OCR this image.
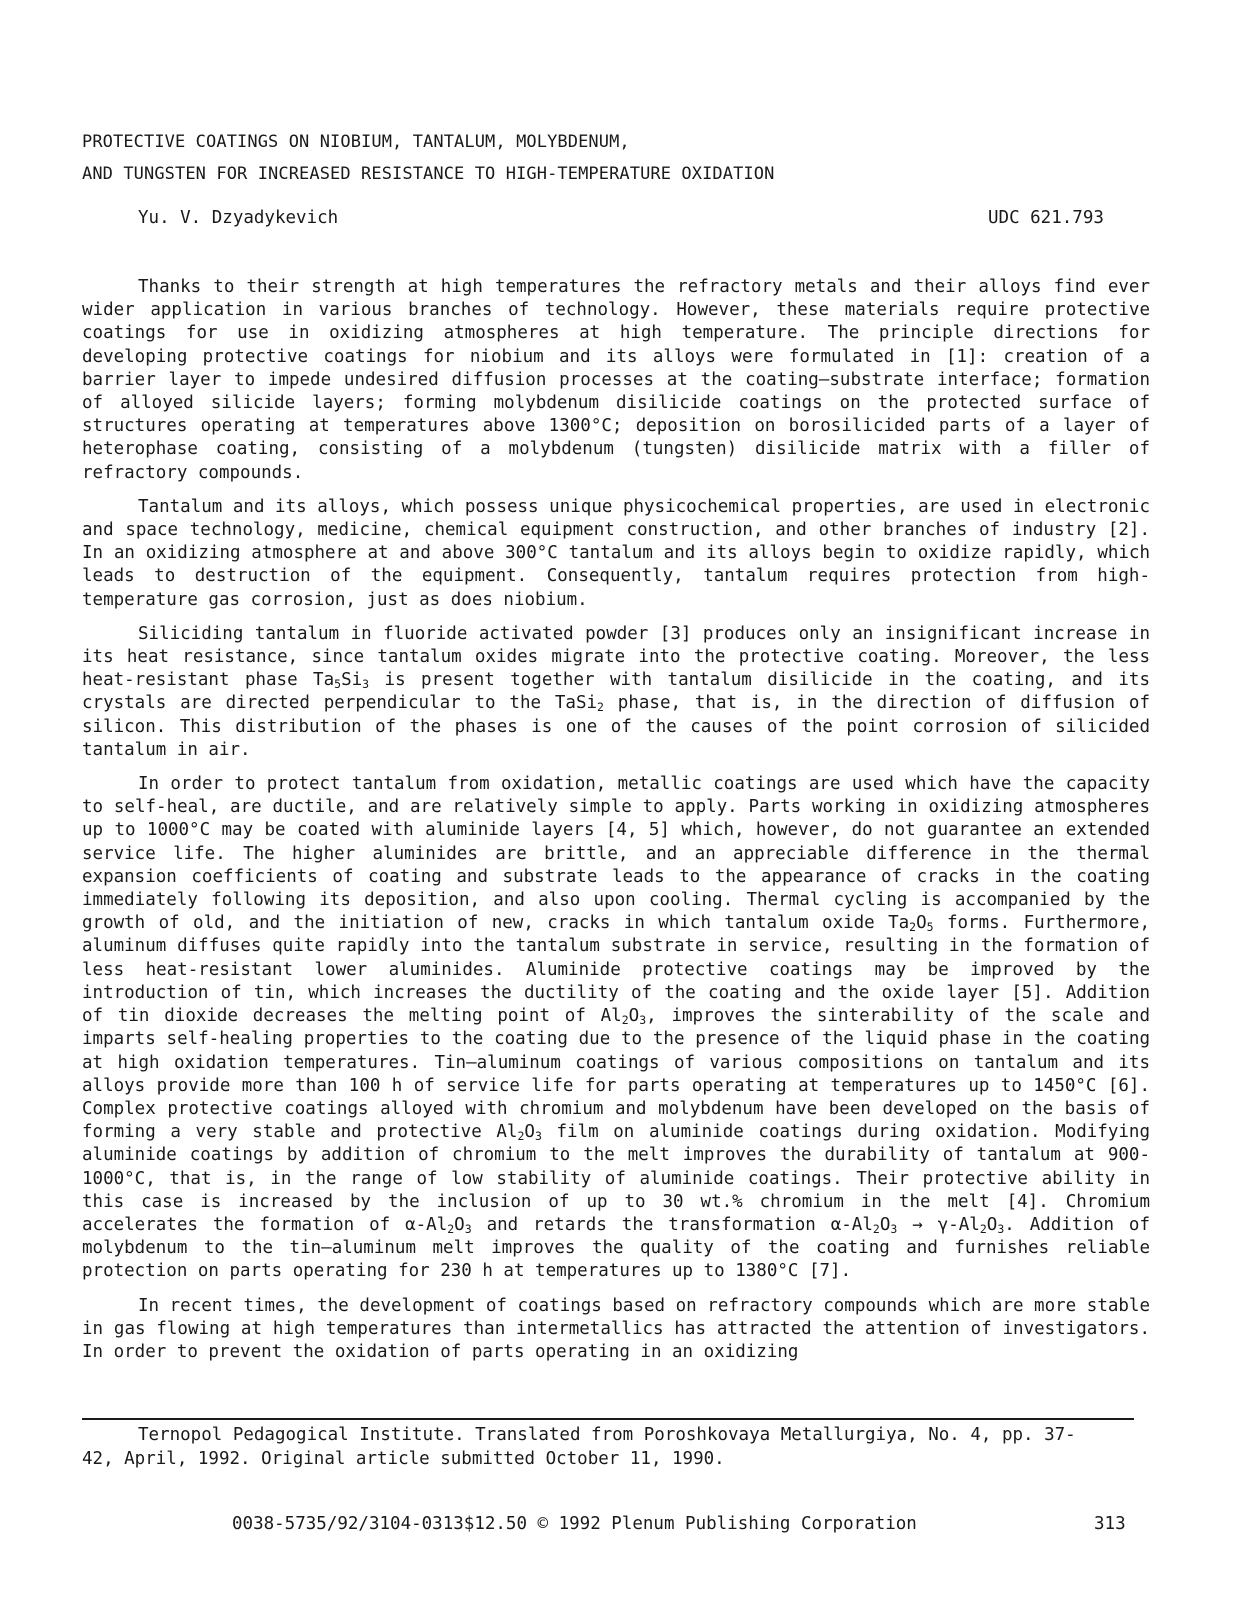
PROTECTIVE COATINGS ON NIOBIUM, TANTALUM, MOLYBDENUM,
AND TUNGSTEN FOR INCREASED RESISTANCE TO HIGH-TEMPERATURE OXIDATION
Yu. V. Dzyadykevich	UDC 621.793

Thanks to their strength at high temperatures the refractory metals and their alloys find ever wider application in various branches of technology. However, these materials require protective coatings for use in oxidizing atmospheres at high temperature. The principle directions for developing protective coatings for niobium and its alloys were formulated in [1]: creation of a barrier layer to impede undesired diffusion processes at the coating–substrate interface; formation of alloyed silicide layers; forming molybdenum disilicide coatings on the protected surface of structures operating at temperatures above 1300°C; deposition on borosilicided parts of a layer of heterophase coating, consisting of a molybdenum (tungsten) disilicide matrix with a filler of refractory compounds.

Tantalum and its alloys, which possess unique physicochemical properties, are used in electronic and space technology, medicine, chemical equipment construction, and other branches of industry [2]. In an oxidizing atmosphere at and above 300°C tantalum and its alloys begin to oxidize rapidly, which leads to destruction of the equipment. Consequently, tantalum requires protection from high-temperature gas corrosion, just as does niobium.

Siliciding tantalum in fluoride activated powder [3] produces only an insignificant increase in its heat resistance, since tantalum oxides migrate into the protective coating. Moreover, the less heat-resistant phase $Ta_5Si_3$ is present together with tantalum disilicide in the coating, and its crystals are directed perpendicular to the TaSi$_2$ phase, that is, in the direction of diffusion of silicon. This distribution of the phases is one of the causes of the point corrosion of silicided tantalum in air.

In order to protect tantalum from oxidation, metallic coatings are used which have the capacity to self-heal, are ductile, and are relatively simple to apply. Parts working in oxidizing atmospheres up to 1000°C may be coated with aluminide layers [4, 5] which, however, do not guarantee an extended service life. The higher aluminides are brittle, and an appreciable difference in the thermal expansion coefficients of coating and substrate leads to the appearance of cracks in the coating immediately following its deposition, and also upon cooling. Thermal cycling is accompanied by the growth of old, and the initiation of new, cracks in which tantalum oxide $Ta_2O_5$ forms. Furthermore, aluminum diffuses quite rapidly into the tantalum substrate in service, resulting in the formation of less heat-resistant lower aluminides. Aluminide protective coatings may be improved by the introduction of tin, which increases the ductility of the coating and the oxide layer [5]. Addition of tin dioxide decreases the melting point of $Al_2O_3$, improves the sinterability of the scale and imparts self-healing properties to the coating due to the presence of the liquid phase in the coating at high oxidation temperatures. Tin–aluminum coatings of various compositions on tantalum and its alloys provide more than 100 h of service life for parts operating at temperatures up to 1450°C [6]. Complex protective coatings alloyed with chromium and molybdenum have been developed on the basis of forming a very stable and protective $Al_2O_3$ film on aluminide coatings during oxidation. Modifying aluminide coatings by addition of chromium to the melt improves the durability of tantalum at 900-1000°C, that is, in the range of low stability of aluminide coatings. Their protective ability in this case is increased by the inclusion of up to 30 wt.% chromium in the melt [4]. Chromium accelerates the formation of $\alpha-Al_2O_3$ and retards the transformation $\alpha-Al_2O_3 \to \gamma-Al_2O_3$. Addition of molybdenum to the tin–aluminum melt improves the quality of the coating and furnishes reliable protection on parts operating for 230 h at temperatures up to 1380°C [7].

In recent times, the development of coatings based on refractory compounds which are more stable in gas flowing at high temperatures than intermetallics has attracted the attention of investigators. In order to prevent the oxidation of parts operating in an oxidizing

Ternopol Pedagogical Institute. Translated from Poroshkovaya Metallurgiya, No. 4, pp. 37-42, April, 1992. Original article submitted October 11, 1990.
0038-5735/92/3104-0313$12.50 © 1992 Plenum Publishing Corporation	313
